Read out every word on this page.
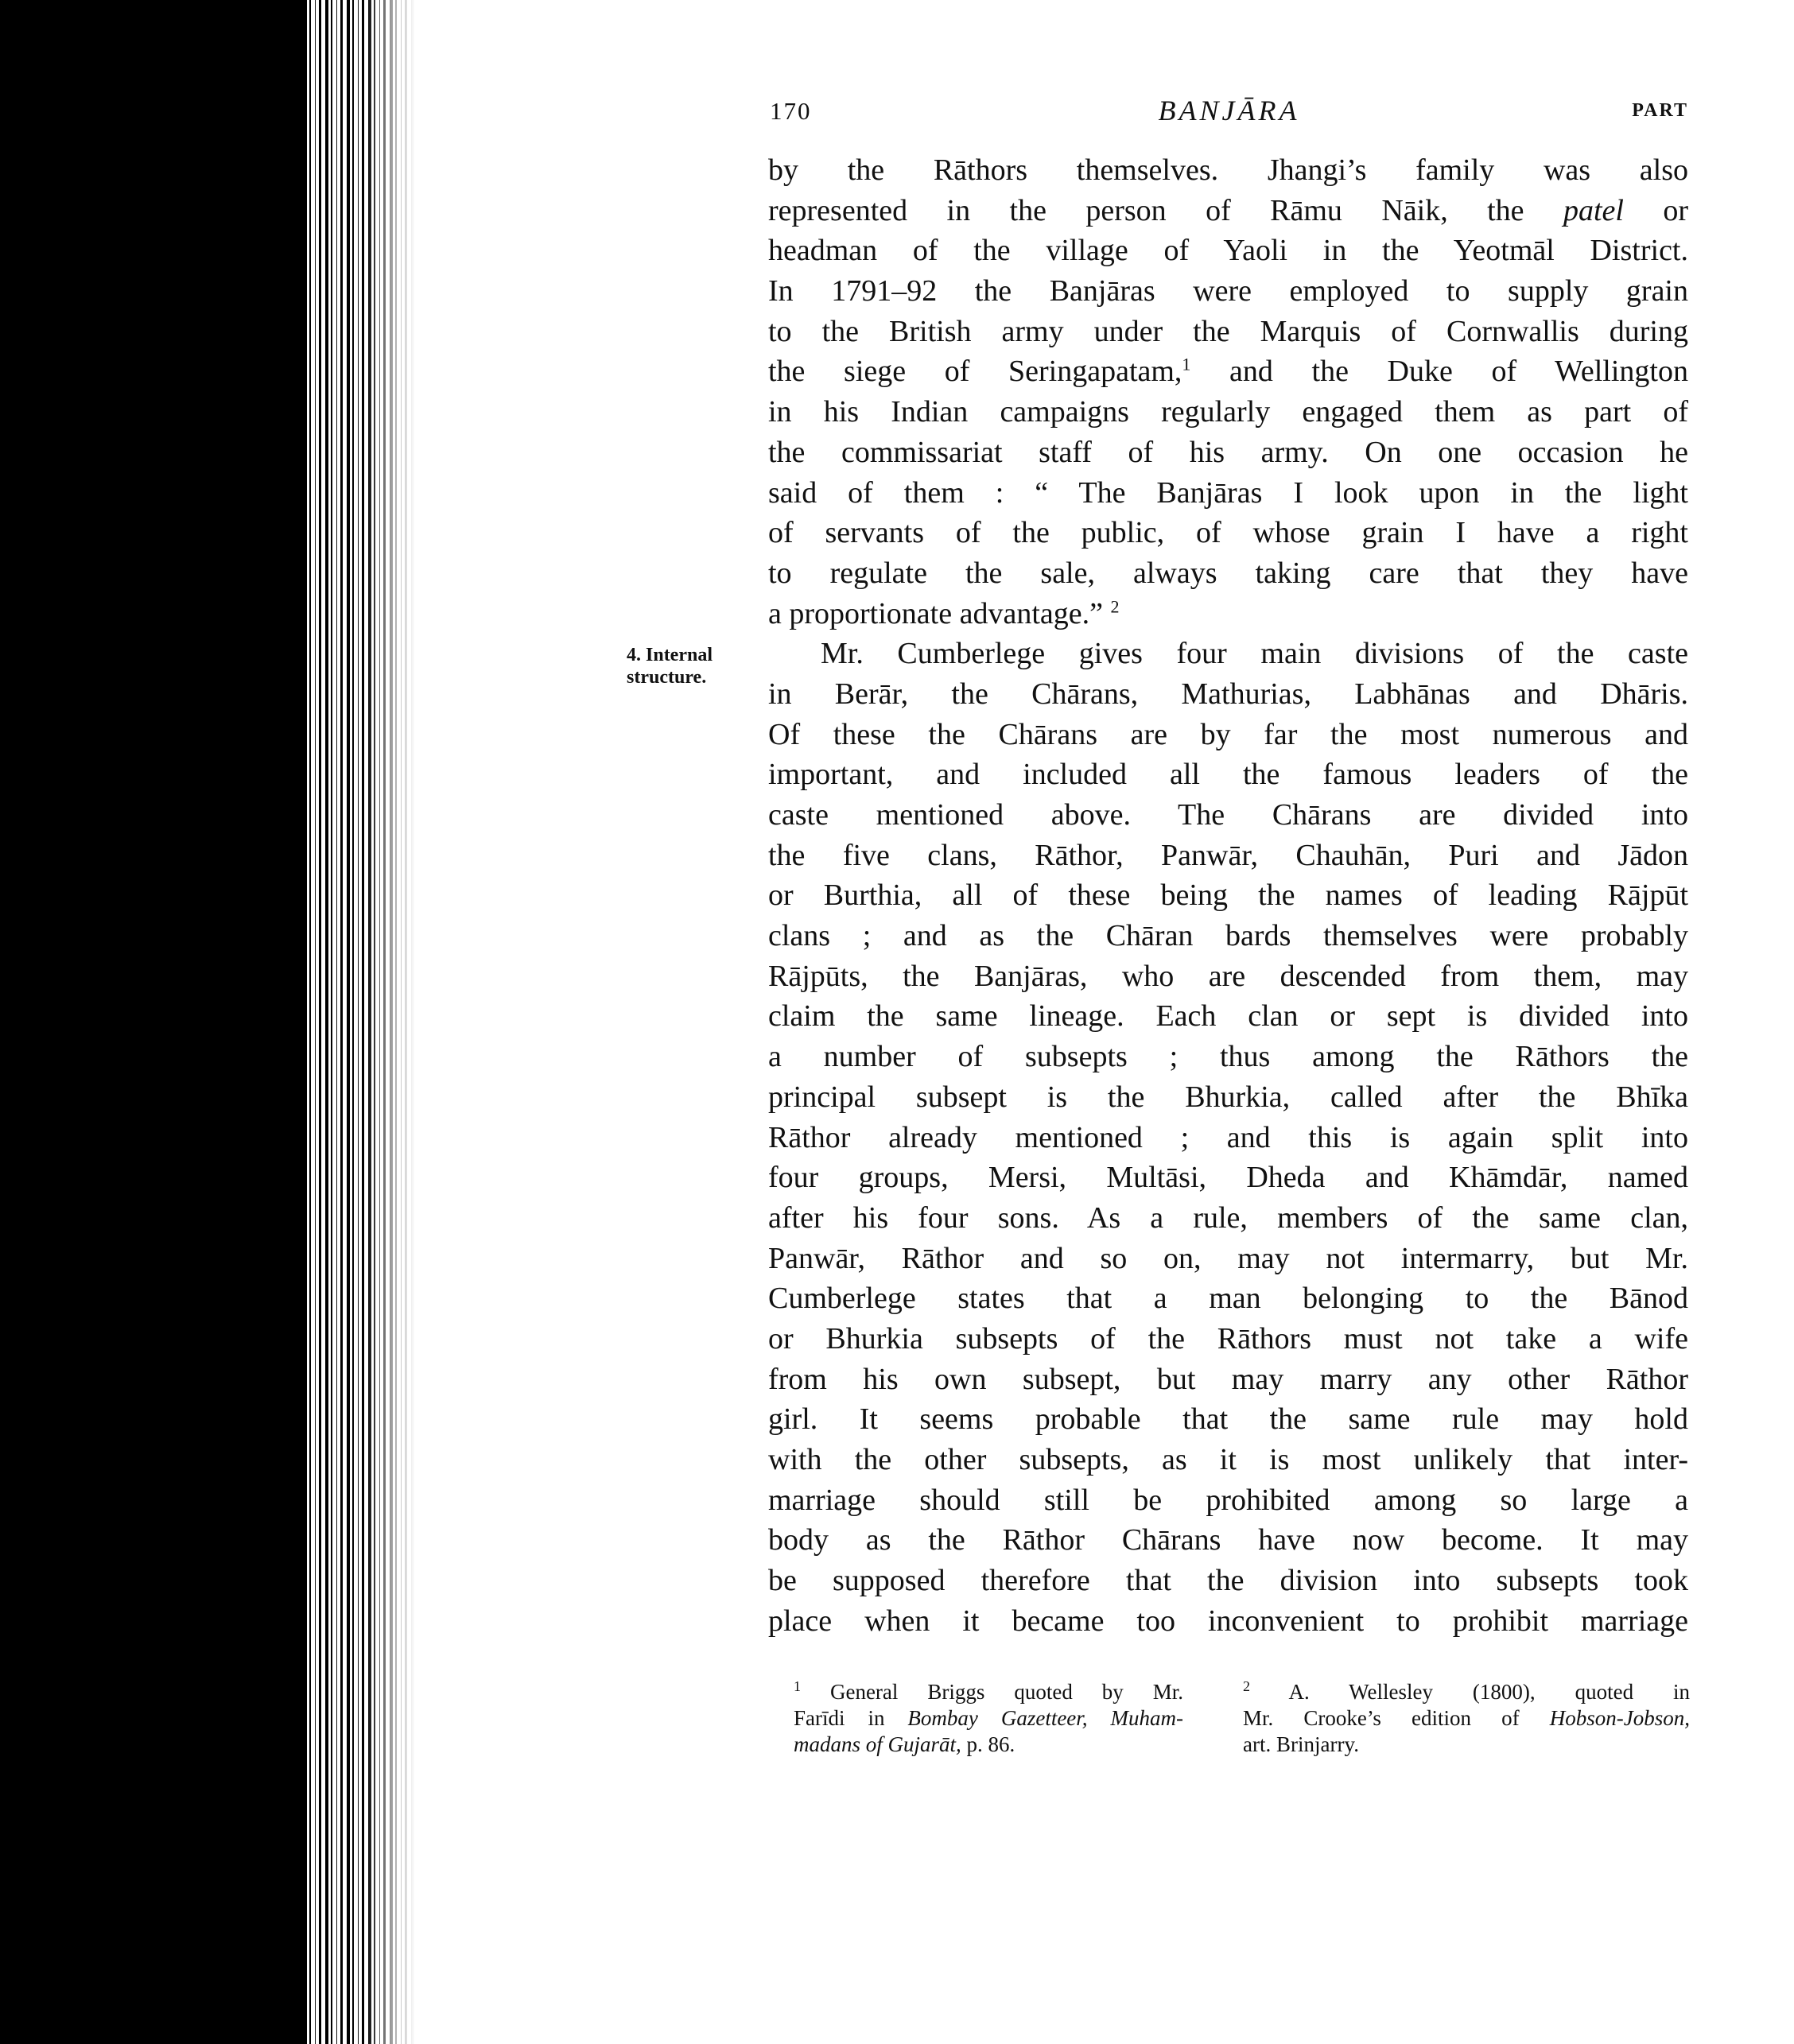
170	BANJĀRA	PART
4. Internal
structure.
by the Rāthors themselves. Jhangi’s family was also
represented in the person of Rāmu Nāik, the patel or
headman of the village of Yaoli in the Yeotmāl District.
In 1791–92 the Banjāras were employed to supply grain
to the British army under the Marquis of Cornwallis during
the siege of Seringapatam,$^1$ and the Duke of Wellington
in his Indian campaigns regularly engaged them as part of
the commissariat staff of his army. On one occasion he
said of them : “ The Banjāras I look upon in the light
of servants of the public, of whose grain I have a right
to regulate the sale, always taking care that they have
a proportionate advantage.” $^2$
Mr. Cumberlege gives four main divisions of the caste
in Berār, the Chārans, Mathurias, Labhānas and Dhāris.
Of these the Chārans are by far the most numerous and
important, and included all the famous leaders of the
caste mentioned above. The Chārans are divided into
the five clans, Rāthor, Panwār, Chauhān, Puri and Jādon
or Burthia, all of these being the names of leading Rājpūt
clans ; and as the Chāran bards themselves were probably
Rājpūts, the Banjāras, who are descended from them, may
claim the same lineage. Each clan or sept is divided into
a number of subsepts ; thus among the Rāthors the
principal subsept is the Bhurkia, called after the Bhīka
Rāthor already mentioned ; and this is again split into
four groups, Mersi, Multāsi, Dheda and Khāmdār, named
after his four sons. As a rule, members of the same clan,
Panwār, Rāthor and so on, may not intermarry, but Mr.
Cumberlege states that a man belonging to the Bānod
or Bhurkia subsepts of the Rāthors must not take a wife
from his own subsept, but may marry any other Rāthor
girl. It seems probable that the same rule may hold
with the other subsepts, as it is most unlikely that inter-
marriage should still be prohibited among so large a
body as the Rāthor Chārans have now become. It may
be supposed therefore that the division into subsepts took
place when it became too inconvenient to prohibit marriage
$^1$ General Briggs quoted by Mr.
Farīdi in Bombay Gazetteer, Muham-
madans of Gujarāt, p. 86.
$^2$ A. Wellesley (1800), quoted in
Mr. Crooke’s edition of Hobson-Jobson,
art. Brinjarry.
